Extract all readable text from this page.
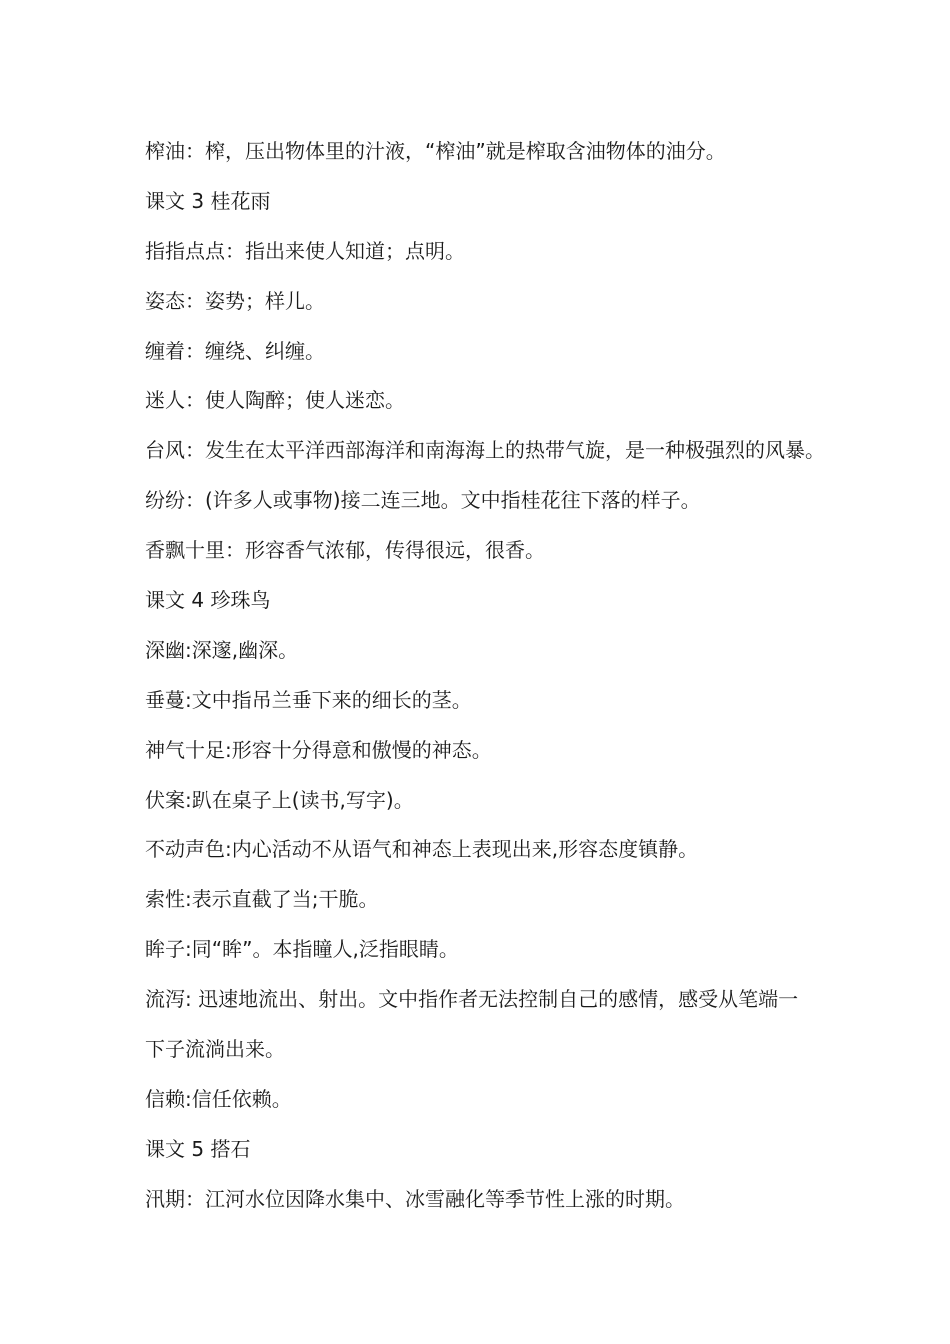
榨油：榨，压出物体里的汁液，“榨油”就是榨取含油物体的油分。
课文 3 桂花雨
指指点点：指出来使人知道；点明。
姿态：姿势；样儿。
缠着：缠绕、纠缠。
迷人：使人陶醉；使人迷恋。
台风：发生在太平洋西部海洋和南海海上的热带气旋，是一种极强烈的风暴。
纷纷：(许多人或事物)接二连三地。文中指桂花往下落的样子。
香飘十里：形容香气浓郁，传得很远，很香。
课文 4 珍珠鸟
深幽:深邃,幽深。
垂蔓:文中指吊兰垂下来的细长的茎。
神气十足:形容十分得意和傲慢的神态。
伏案:趴在桌子上(读书,写字)。
不动声色:内心活动不从语气和神态上表现出来,形容态度镇静。
索性:表示直截了当;干脆。
眸子:同“眸”。本指瞳人,泛指眼睛。
流泻: 迅速地流出、射出。文中指作者无法控制自己的感情，感受从笔端一
下子流淌出来。
信赖:信任依赖。
课文 5 搭石
汛期：江河水位因降水集中、冰雪融化等季节性上涨的时期。
